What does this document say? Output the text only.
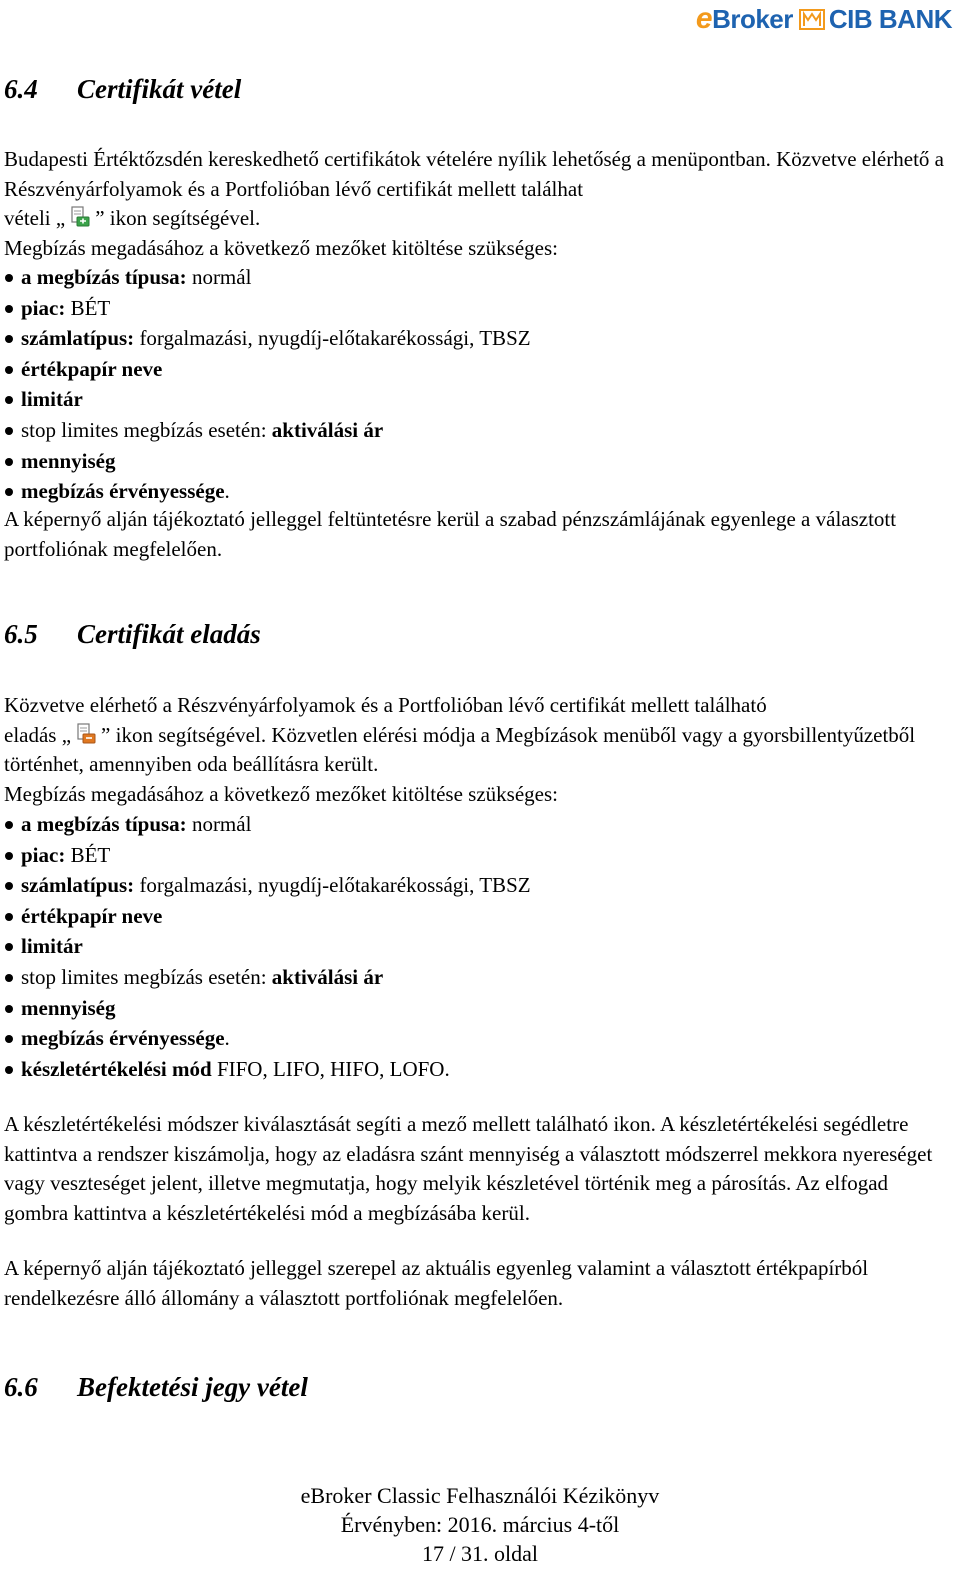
e Broker CIB BANK
6.4 Certifikát vétel

Budapesti Értéktőzsdén kereskedhető certifikátok vételére nyílik lehetőség a menüpontban. Közvetve elérhető a Részvényárfolyamok és a Portfolióban lévő certifikát mellett találhat
vételi „ ” ikon segítségével.
Megbízás megadásához a következő mezőket kitöltése szükséges:

a megbízás típusa: normál
piac: BÉT
számlatípus: forgalmazási, nyugdíj-előtakarékossági, TBSZ
értékpapír neve
limitár
stop limites megbízás esetén: aktiválási ár
mennyiség
megbízás érvényessége.

A képernyő alján tájékoztató jelleggel feltüntetésre kerül a szabad pénzszámlájának egyenlege a választott portfoliónak megfelelően.

6.5 Certifikát eladás

Közvetve elérhető a Részvényárfolyamok és a Portfolióban lévő certifikát mellett található
eladás „ ” ikon segítségével. Közvetlen elérési módja a Megbízások menüből vagy a gyorsbillentyűzetből történhet, amennyiben oda beállításra került.
Megbízás megadásához a következő mezőket kitöltése szükséges:

a megbízás típusa: normál
piac: BÉT
számlatípus: forgalmazási, nyugdíj-előtakarékossági, TBSZ
értékpapír neve
limitár
stop limites megbízás esetén: aktiválási ár
mennyiség
megbízás érvényessége.
készletértékelési mód FIFO, LIFO, HIFO, LOFO.

A készletértékelési módszer kiválasztását segíti a mező mellett található ikon. A készletértékelési segédletre kattintva a rendszer kiszámolja, hogy az eladásra szánt mennyiség a választott módszerrel mekkora nyereséget vagy veszteséget jelent, illetve megmutatja, hogy melyik készletével történik meg a párosítás. Az elfogad gombra kattintva a készletértékelési mód a megbízásába kerül.

A képernyő alján tájékoztató jelleggel szerepel az aktuális egyenleg valamint a választott értékpapírból rendelkezésre álló állomány a választott portfoliónak megfelelően.

6.6 Befektetési jegy vétel
eBroker Classic Felhasználói Kézikönyv
Érvényben: 2016. március 4-től
17 / 31. oldal
